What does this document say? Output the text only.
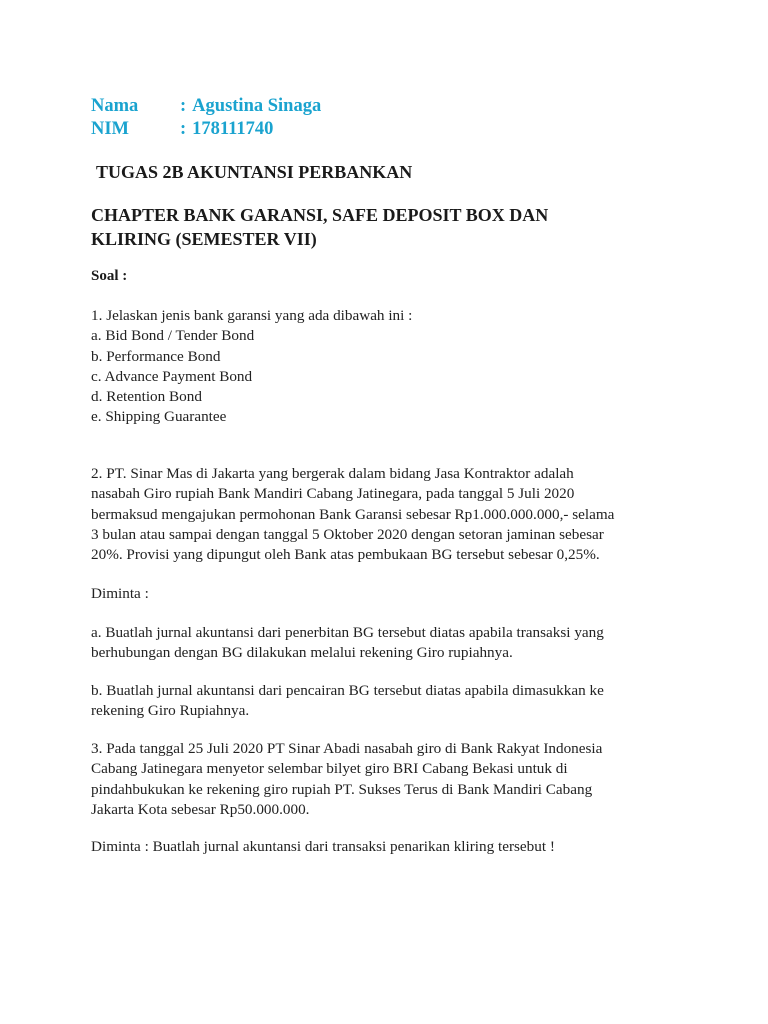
Nama	: Agustina Sinaga
NIM	: 178111740
TUGAS 2B AKUNTANSI PERBANKAN
CHAPTER BANK GARANSI, SAFE DEPOSIT BOX DAN
KLIRING (SEMESTER VII)
Soal :
1. Jelaskan jenis bank garansi yang ada dibawah ini :
a. Bid Bond / Tender Bond
b. Performance Bond
c. Advance Payment Bond
d. Retention Bond
e. Shipping Guarantee
2. PT. Sinar Mas di Jakarta yang bergerak dalam bidang Jasa Kontraktor adalah
nasabah Giro rupiah Bank Mandiri Cabang Jatinegara, pada tanggal 5 Juli 2020
bermaksud mengajukan permohonan Bank Garansi sebesar Rp1.000.000.000,- selama
3 bulan atau sampai dengan tanggal 5 Oktober 2020 dengan setoran jaminan sebesar
20%. Provisi yang dipungut oleh Bank atas pembukaan BG tersebut sebesar 0,25%.
Diminta :
a. Buatlah jurnal akuntansi dari penerbitan BG tersebut diatas apabila transaksi yang
berhubungan dengan BG dilakukan melalui rekening Giro rupiahnya.
b. Buatlah jurnal akuntansi dari pencairan BG tersebut diatas apabila dimasukkan ke
rekening Giro Rupiahnya.
3. Pada tanggal 25 Juli 2020 PT Sinar Abadi nasabah giro di Bank Rakyat Indonesia
Cabang Jatinegara menyetor selembar bilyet giro BRI Cabang Bekasi untuk di
pindahbukukan ke rekening giro rupiah PT. Sukses Terus di Bank Mandiri Cabang
Jakarta Kota sebesar Rp50.000.000.
Diminta : Buatlah jurnal akuntansi dari transaksi penarikan kliring tersebut !
